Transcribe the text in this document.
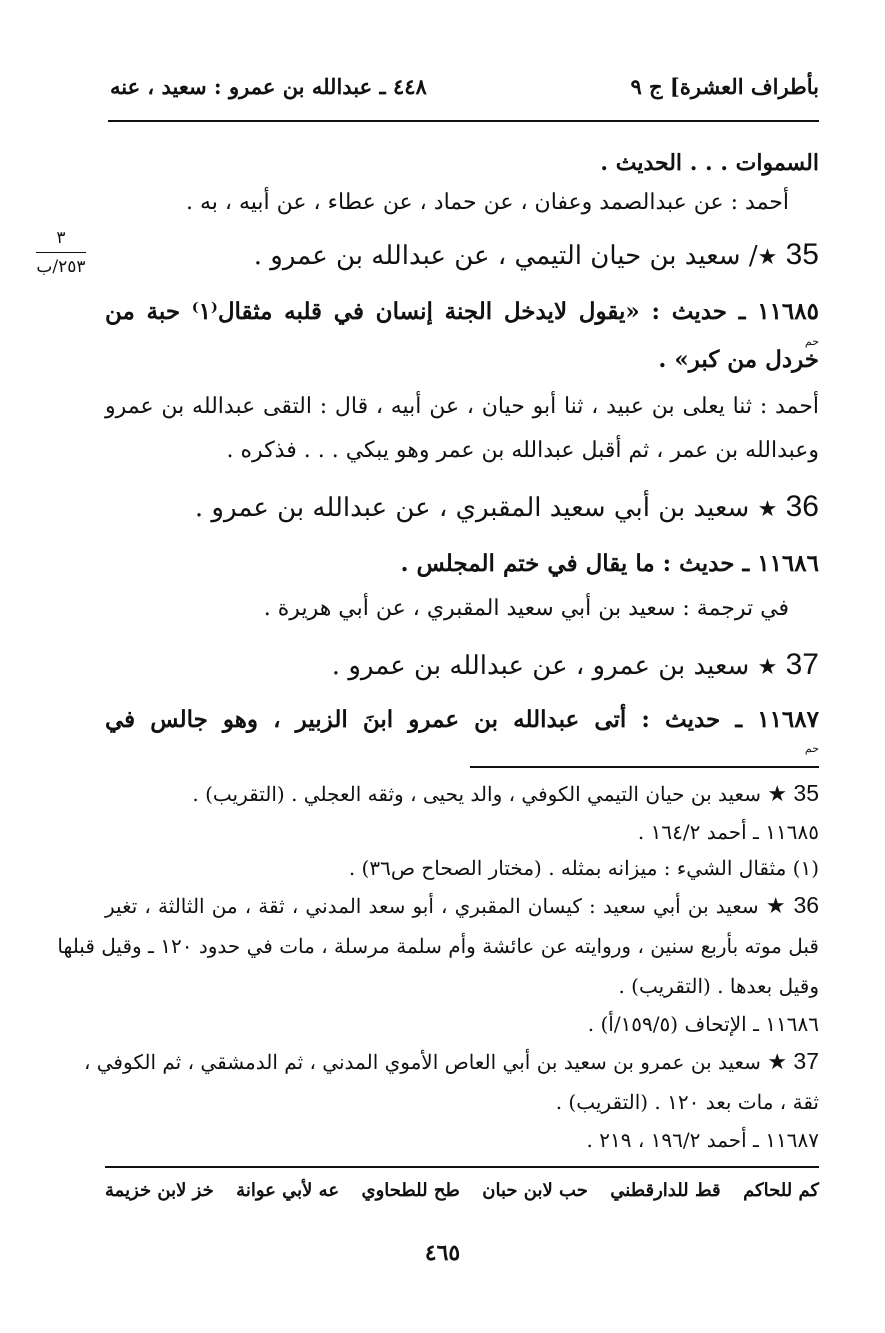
بأطراف العشرة] ج ٩
٤٤٨ ـ عبدالله بن عمرو : سعيد ، عنه
٣
٢٥٣/ب
السموات . . . الحديث .
أحمد : عن عبدالصمد وعفان ، عن حماد ، عن عطاء ، عن أبيه ، به .
35 ★/ سعيد بن حيان التيمي ، عن عبدالله بن عمرو .
١١٦٨٥ ـ حديث : «يقول لايدخل الجنة إنسان في قلبه مثقال⁽١⁾ حبة من
حم
خردل من كبر» .
أحمد : ثنا يعلى بن عبيد ، ثنا أبو حيان ، عن أبيه ، قال : التقى عبدالله بن عمرو
وعبدالله بن عمر ، ثم أقبل عبدالله بن عمر وهو يبكي . . . فذكره .
36 ★ سعيد بن أبي سعيد المقبري ، عن عبدالله بن عمرو .
١١٦٨٦ ـ حديث : ما يقال في ختم المجلس .
في ترجمة : سعيد بن أبي سعيد المقبري ، عن أبي هريرة .
37 ★ سعيد بن عمرو ، عن عبدالله بن عمرو .
١١٦٨٧ ـ حديث : أتى عبدالله بن عمرو ابنَ الزبير ، وهو جالس في
حم
35 ★ سعيد بن حيان التيمي الكوفي ، والد يحيى ، وثقه العجلي . (التقريب) .
١١٦٨٥ ـ أحمد ١٦٤/٢ .
(١) مثقال الشيء : ميزانه بمثله . (مختار الصحاح ص٣٦) .
36 ★ سعيد بن أبي سعيد : كيسان المقبري ، أبو سعد المدني ، ثقة ، من الثالثة ، تغير
قبل موته بأربع سنين ، وروايته عن عائشة وأم سلمة مرسلة ، مات في حدود ١٢٠ ـ وقيل قبلها
وقيل بعدها . (التقريب) .
١١٦٨٦ ـ الإتحاف (١٥٩/٥/أ) .
37 ★ سعيد بن عمرو بن سعيد بن أبي العاص الأموي المدني ، ثم الدمشقي ، ثم الكوفي ،
ثقة ، مات بعد ١٢٠ . (التقريب) .
١١٦٨٧ ـ أحمد ١٩٦/٢ ، ٢١٩ .
خز لابن خزيمة عه لأبي عوانة طح للطحاوي حب لابن حبان قط للدارقطني كم للحاكم
٤٦٥
